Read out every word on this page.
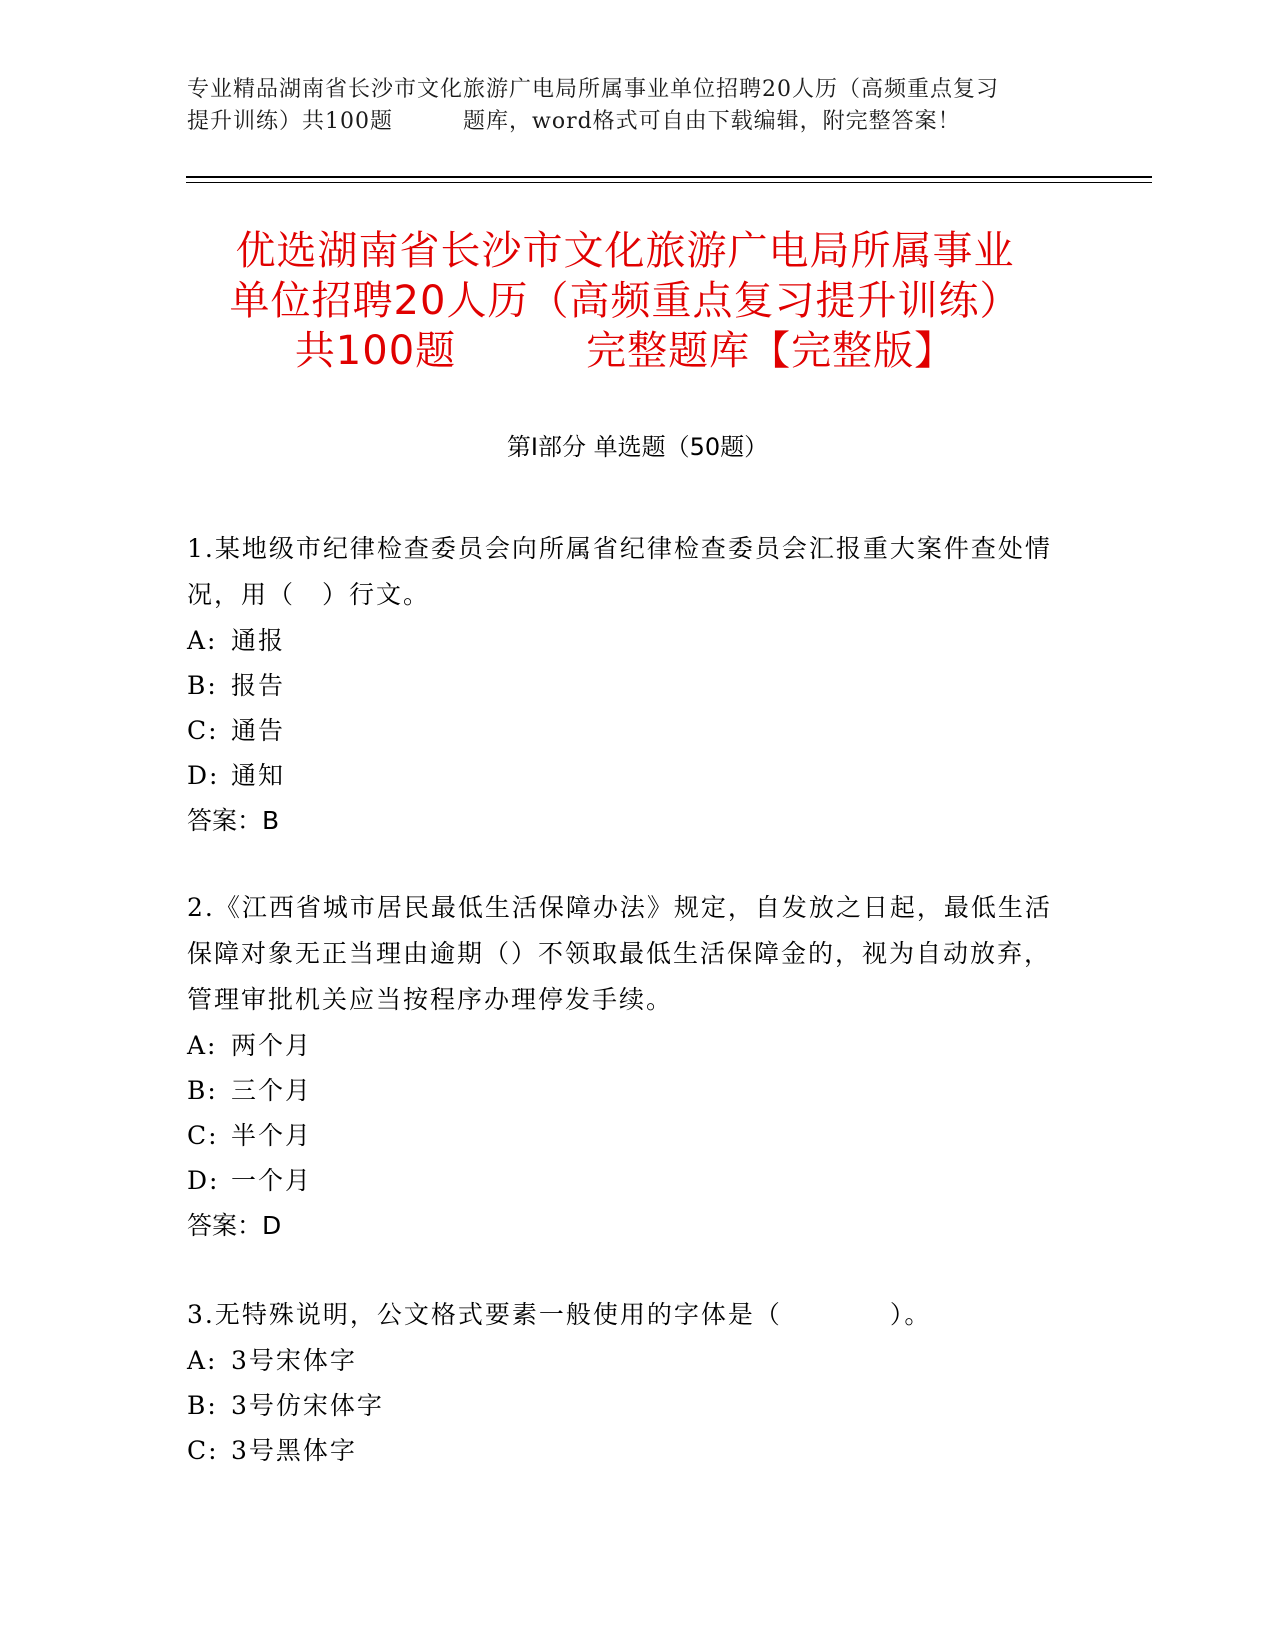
专业精品湖南省长沙市文化旅游广电局所属事业单位招聘20人历（高频重点复习
提升训练）共100题	题库，word格式可自由下载编辑，附完整答案！
优选湖南省长沙市文化旅游广电局所属事业
单位招聘20人历（高频重点复习提升训练）
共100题	完整题库【完整版】
第Ⅰ部分 单选题（50题）

1.某地级市纪律检查委员会向所属省纪律检查委员会汇报重大案件查处情况，用（　）行文。

A: 通报

B: 报告

C: 通告

D: 通知

答案：B

2.《江西省城市居民最低生活保障办法》规定，自发放之日起，最低生活保障对象无正当理由逾期（）不领取最低生活保障金的，视为自动放弃，管理审批机关应当按程序办理停发手续。

A: 两个月

B: 三个月

C: 半个月

D: 一个月

答案：D

3.无特殊说明，公文格式要素一般使用的字体是（　　　　）。

A: 3号宋体字

B: 3号仿宋体字

C: 3号黑体字
